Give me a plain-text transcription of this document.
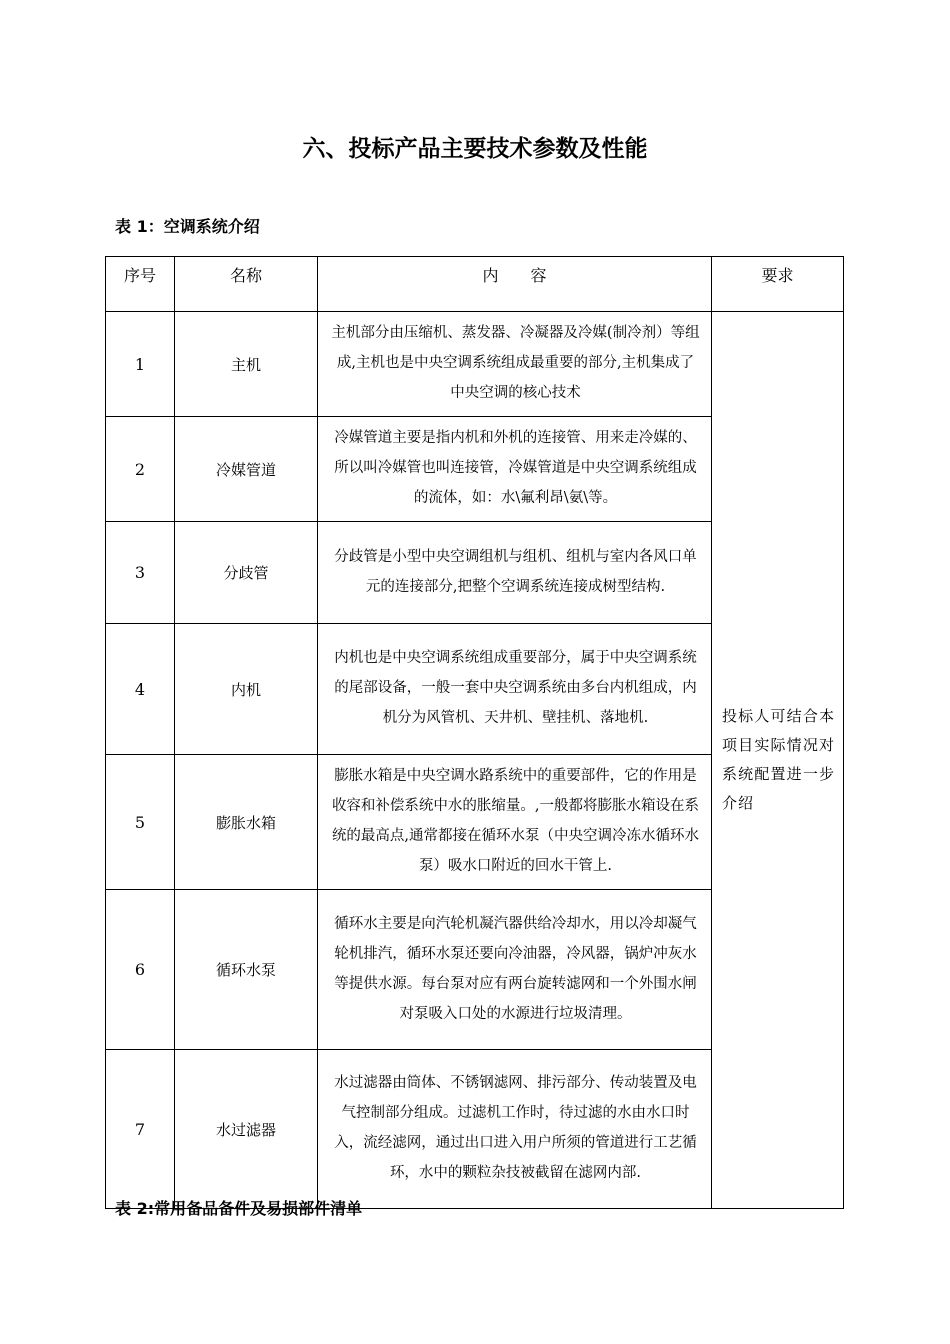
六、投标产品主要技术参数及性能
表 1：空调系统介绍
序号	名称	内　　容	要求
1	主机	主机部分由压缩机、蒸发器、冷凝器及冷媒(制冷剂）等组成,主机也是中央空调系统组成最重要的部分,主机集成了中央空调的核心技术	投标人可结合本项目实际情况对系统配置进一步介绍
2	冷媒管道	冷媒管道主要是指内机和外机的连接管、用来走冷媒的、所以叫冷媒管也叫连接管，冷媒管道是中央空调系统组成的流体，如：水\氟利昂\氨\等。	
3	分歧管	分歧管是小型中央空调组机与组机、组机与室内各风口单元的连接部分,把整个空调系统连接成树型结构.	
4	内机	内机也是中央空调系统组成重要部分，属于中央空调系统的尾部设备，一般一套中央空调系统由多台内机组成，内机分为风管机、天井机、壁挂机、落地机.	
5	膨胀水箱	膨胀水箱是中央空调水路系统中的重要部件，它的作用是收容和补偿系统中水的胀缩量。,一般都将膨胀水箱设在系统的最高点,通常都接在循环水泵（中央空调冷冻水循环水泵）吸水口附近的回水干管上.	
6	循环水泵	循环水主要是向汽轮机凝汽器供给冷却水，用以冷却凝气轮机排汽，循环水泵还要向冷油器，冷风器，锅炉冲灰水等提供水源。每台泵对应有两台旋转滤网和一个外围水闸对泵吸入口处的水源进行垃圾清理。	
7	水过滤器	水过滤器由筒体、不锈钢滤网、排污部分、传动装置及电气控制部分组成。过滤机工作时，待过滤的水由水口时入，流经滤网，通过出口进入用户所须的管道进行工艺循环，水中的颗粒杂技被截留在滤网内部.	
表 2:常用备品备件及易损部件清单
